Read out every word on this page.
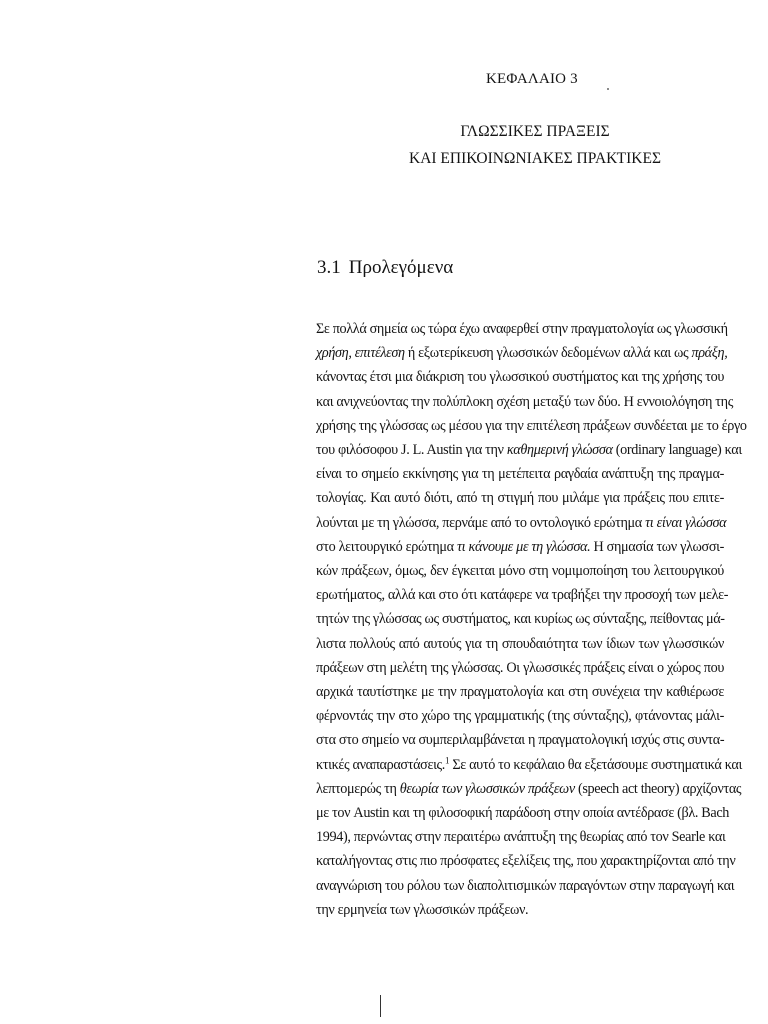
ΚΕΦΑΛΑΙΟ 3
ΓΛΩΣΣΙΚΕΣ ΠΡΑΞΕΙΣ
ΚΑΙ ΕΠΙΚΟΙΝΩΝΙΑΚΕΣ ΠΡΑΚΤΙΚΕΣ
3.1 Προλεγόμενα
Σε πολλά σημεία ως τώρα έχω αναφερθεί στην πραγματολογία ως γλωσσική
χρήση, επιτέλεση ή εξωτερίκευση γλωσσικών δεδομένων αλλά και ως πράξη,
κάνοντας έτσι μια διάκριση του γλωσσικού συστήματος και της χρήσης του
και ανιχνεύοντας την πολύπλοκη σχέση μεταξύ των δύο. Η εννοιολόγηση της
χρήσης της γλώσσας ως μέσου για την επιτέλεση πράξεων συνδέεται με το έργο
του φιλόσοφου J. L. Austin για την καθημερινή γλώσσα (ordinary language) και
είναι το σημείο εκκίνησης για τη μετέπειτα ραγδαία ανάπτυξη της πραγμα-
τολογίας. Και αυτό διότι, από τη στιγμή που μιλάμε για πράξεις που επιτε-
λούνται με τη γλώσσα, περνάμε από το οντολογικό ερώτημα τι είναι γλώσσα
στο λειτουργικό ερώτημα τι κάνουμε με τη γλώσσα. Η σημασία των γλωσσι-
κών πράξεων, όμως, δεν έγκειται μόνο στη νομιμοποίηση του λειτουργικού
ερωτήματος, αλλά και στο ότι κατάφερε να τραβήξει την προσοχή των μελε-
τητών της γλώσσας ως συστήματος, και κυρίως ως σύνταξης, πείθοντας μά-
λιστα πολλούς από αυτούς για τη σπουδαιότητα των ίδιων των γλωσσικών
πράξεων στη μελέτη της γλώσσας. Οι γλωσσικές πράξεις είναι ο χώρος που
αρχικά ταυτίστηκε με την πραγματολογία και στη συνέχεια την καθιέρωσε
φέρνοντάς την στο χώρο της γραμματικής (της σύνταξης), φτάνοντας μάλι-
στα στο σημείο να συμπεριλαμβάνεται η πραγματολογική ισχύς στις συντα-
κτικές αναπαραστάσεις.$^1$ Σε αυτό το κεφάλαιο θα εξετάσουμε συστηματικά και
λεπτομερώς τη θεωρία των γλωσσικών πράξεων (speech act theory) αρχίζοντας
με τον Austin και τη φιλοσοφική παράδοση στην οποία αντέδρασε (βλ. Bach
1994), περνώντας στην περαιτέρω ανάπτυξη της θεωρίας από τον Searle και
καταλήγοντας στις πιο πρόσφατες εξελίξεις της, που χαρακτηρίζονται από την
αναγνώριση του ρόλου των διαπολιτισμικών παραγόντων στην παραγωγή και
την ερμηνεία των γλωσσικών πράξεων.
